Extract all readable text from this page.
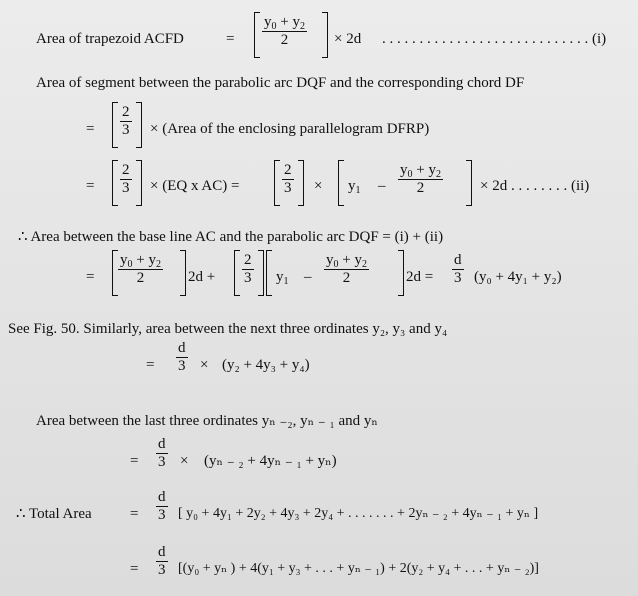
Area of trapezoid ACFD	= $\frac{y_0 + y_2}{2} \times 2d$ . . . . . . . . . . . . . . . . . . . . . . . . . . . . (i)
Area of segment between the parabolic arc DQF and the corresponding chord DF
= $\frac{2}{3}$ × (Area of the enclosing parallelogram DFRP)
= $\frac{2}{3} \times (EQ$ x AC) =	$\frac{2}{3} \times y_1 - \frac{y_0 + y_2}{2} \times 2d$ . . . . . . . . (ii)
∴ Area between the base line AC and the parabolic arc DQF = (i) + (ii)
= $\frac{y_0 + y_2}{2} 2d + \frac{2}{3} y_1 - \frac{y_0 + y_2}{2} 2d = \frac{d}{3} (y_0 + 4y_1 + y_2)$
See Fig. 50. Similarly, area between the next three ordinates y₂, y₃ and y₄
= $\frac{d}{3} \times (y_2 + 4y_3 + y_4)$
Area between the last three ordinates yₙ ₋₂, yₙ ₋ ₁ and yₙ
= $\frac{d}{3} \times (y_n$ ₋ ₂ + 4yₙ ₋ ₁ + yₙ)
∴ Total Area	= $\frac{d}{3}$ [ y₀ + 4y₁ + 2y₂ + 4y₃ + 2y₄ + . . . . . . . + 2yₙ ₋ ₂ + 4yₙ ₋ ₁ + yₙ ]
= $\frac{d}{3} [(y_0 + y_n$ ) + 4(y₁ + y₃ + . . . + yₙ ₋ ₁) + 2(y₂ + y₄ + . . . + yₙ ₋ ₂)]
